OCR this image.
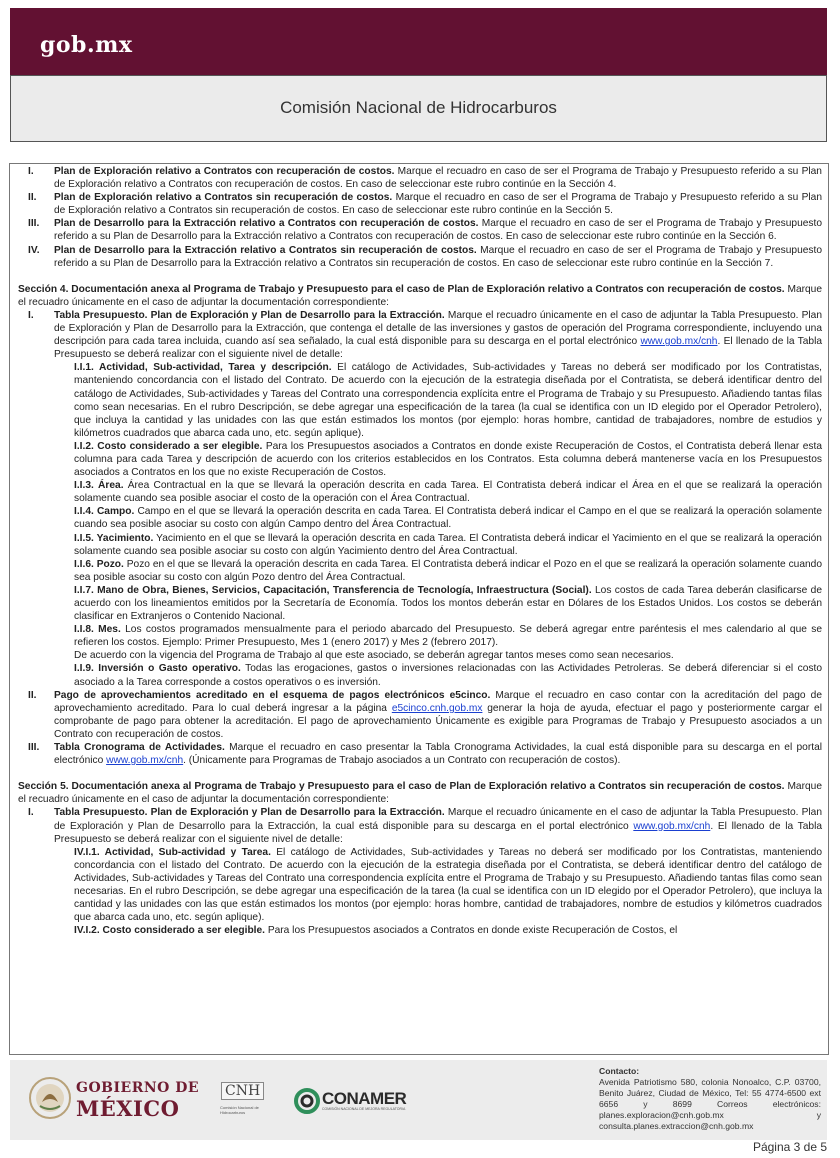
gob.mx
Comisión Nacional de Hidrocarburos
I.	Plan de Exploración relativo a Contratos con recuperación de costos. Marque el recuadro en caso de ser el Programa de Trabajo y Presupuesto referido a su Plan de Exploración relativo a Contratos con recuperación de costos. En caso de seleccionar este rubro continúe en la Sección 4.
II.	Plan de Exploración relativo a Contratos sin recuperación de costos. Marque el recuadro en caso de ser el Programa de Trabajo y Presupuesto referido a su Plan de Exploración relativo a Contratos sin recuperación de costos. En caso de seleccionar este rubro continúe en la Sección 5.
III.	Plan de Desarrollo para la Extracción relativo a Contratos con recuperación de costos. Marque el recuadro en caso de ser el Programa de Trabajo y Presupuesto referido a su Plan de Desarrollo para la Extracción relativo a Contratos con recuperación de costos. En caso de seleccionar este rubro continúe en la Sección 6.
IV.	Plan de Desarrollo para la Extracción relativo a Contratos sin recuperación de costos. Marque el recuadro en caso de ser el Programa de Trabajo y Presupuesto referido a su Plan de Desarrollo para la Extracción relativo a Contratos sin recuperación de costos. En caso de seleccionar este rubro continúe en la Sección 7.
Sección 4. Documentación anexa al Programa de Trabajo y Presupuesto para el caso de Plan de Exploración relativo a Contratos con recuperación de costos. Marque el recuadro únicamente en el caso de adjuntar la documentación correspondiente:
I.	Tabla Presupuesto. Plan de Exploración y Plan de Desarrollo para la Extracción. Marque el recuadro únicamente en el caso de adjuntar la Tabla Presupuesto. Plan de Exploración y Plan de Desarrollo para la Extracción, que contenga el detalle de las inversiones y gastos de operación del Programa correspondiente, incluyendo una descripción para cada tarea incluida, cuando así sea señalado, la cual está disponible para su descarga en el portal electrónico www.gob.mx/cnh. El llenado de la Tabla Presupuesto se deberá realizar con el siguiente nivel de detalle:
I.I.1. Actividad, Sub-actividad, Tarea y descripción. El catálogo de Actividades, Sub-actividades y Tareas no deberá ser modificado por los Contratistas, manteniendo concordancia con el listado del Contrato. De acuerdo con la ejecución de la estrategia diseñada por el Contratista, se deberá identificar dentro del catálogo de Actividades, Sub-actividades y Tareas del Contrato una correspondencia explícita entre el Programa de Trabajo y su Presupuesto. Añadiendo tantas filas como sean necesarias. En el rubro Descripción, se debe agregar una especificación de la tarea (la cual se identifica con un ID elegido por el Operador Petrolero), que incluya la cantidad y las unidades con las que están estimados los montos (por ejemplo: horas hombre, cantidad de trabajadores, nombre de estudios y kilómetros cuadrados que abarca cada uno, etc. según aplique).
I.I.2. Costo considerado a ser elegible. Para los Presupuestos asociados a Contratos en donde existe Recuperación de Costos, el Contratista deberá llenar esta columna para cada Tarea y descripción de acuerdo con los criterios establecidos en los Contratos. Esta columna deberá mantenerse vacía en los Presupuestos asociados a Contratos en los que no existe Recuperación de Costos.
I.I.3. Área. Área Contractual en la que se llevará la operación descrita en cada Tarea. El Contratista deberá indicar el Área en el que se realizará la operación solamente cuando sea posible asociar el costo de la operación con el Área Contractual.
I.I.4. Campo. Campo en el que se llevará la operación descrita en cada Tarea. El Contratista deberá indicar el Campo en el que se realizará la operación solamente cuando sea posible asociar su costo con algún Campo dentro del Área Contractual.
I.I.5. Yacimiento. Yacimiento en el que se llevará la operación descrita en cada Tarea. El Contratista deberá indicar el Yacimiento en el que se realizará la operación solamente cuando sea posible asociar su costo con algún Yacimiento dentro del Área Contractual.
I.I.6. Pozo. Pozo en el que se llevará la operación descrita en cada Tarea. El Contratista deberá indicar el Pozo en el que se realizará la operación solamente cuando sea posible asociar su costo con algún Pozo dentro del Área Contractual.
I.I.7. Mano de Obra, Bienes, Servicios, Capacitación, Transferencia de Tecnología, Infraestructura (Social). Los costos de cada Tarea deberán clasificarse de acuerdo con los lineamientos emitidos por la Secretaría de Economía. Todos los montos deberán estar en Dólares de los Estados Unidos. Los costos se deberán clasificar en Extranjeros o Contenido Nacional.
I.I.8. Mes. Los costos programados mensualmente para el periodo abarcado del Presupuesto. Se deberá agregar entre paréntesis el mes calendario al que se refieren los costos. Ejemplo: Primer Presupuesto, Mes 1 (enero 2017) y Mes 2 (febrero 2017).
De acuerdo con la vigencia del Programa de Trabajo al que este asociado, se deberán agregar tantos meses como sean necesarios.
I.I.9. Inversión o Gasto operativo. Todas las erogaciones, gastos o inversiones relacionadas con las Actividades Petroleras. Se deberá diferenciar si el costo asociado a la Tarea corresponde a costos operativos o es inversión.
II.	Pago de aprovechamientos acreditado en el esquema de pagos electrónicos e5cinco. Marque el recuadro en caso contar con la acreditación del pago de aprovechamiento acreditado. Para lo cual deberá ingresar a la página e5cinco.cnh.gob.mx generar la hoja de ayuda, efectuar el pago y posteriormente cargar el comprobante de pago para obtener la acreditación. El pago de aprovechamiento Únicamente es exigible para Programas de Trabajo y Presupuesto asociados a un Contrato con recuperación de costos.
III.	Tabla Cronograma de Actividades. Marque el recuadro en caso presentar la Tabla Cronograma Actividades, la cual está disponible para su descarga en el portal electrónico www.gob.mx/cnh. (Únicamente para Programas de Trabajo asociados a un Contrato con recuperación de costos).
Sección 5. Documentación anexa al Programa de Trabajo y Presupuesto para el caso de Plan de Exploración relativo a Contratos sin recuperación de costos. Marque el recuadro únicamente en el caso de adjuntar la documentación correspondiente:
I.	Tabla Presupuesto. Plan de Exploración y Plan de Desarrollo para la Extracción. Marque el recuadro únicamente en el caso de adjuntar la Tabla Presupuesto. Plan de Exploración y Plan de Desarrollo para la Extracción, la cual está disponible para su descarga en el portal electrónico www.gob.mx/cnh. El llenado de la Tabla Presupuesto se deberá realizar con el siguiente nivel de detalle:
IV.I.1. Actividad, Sub-actividad y Tarea. El catálogo de Actividades, Sub-actividades y Tareas no deberá ser modificado por los Contratistas, manteniendo concordancia con el listado del Contrato. De acuerdo con la ejecución de la estrategia diseñada por el Contratista, se deberá identificar dentro del catálogo de Actividades, Sub-actividades y Tareas del Contrato una correspondencia explícita entre el Programa de Trabajo y su Presupuesto. Añadiendo tantas filas como sean necesarias. En el rubro Descripción, se debe agregar una especificación de la tarea (la cual se identifica con un ID elegido por el Operador Petrolero), que incluya la cantidad y las unidades con las que están estimados los montos (por ejemplo: horas hombre, cantidad de trabajadores, nombre de estudios y kilómetros cuadrados que abarca cada uno, etc. según aplique).
IV.I.2. Costo considerado a ser elegible. Para los Presupuestos asociados a Contratos en donde existe Recuperación de Costos, el
GOBIERNO DE
MÉXICO
CNH
Comisión Nacional de Hidrocarburos
CONAMER
COMISIÓN NACIONAL DE MEJORA REGULATORIA
Contacto:
Avenida Patriotismo 580, colonia Nonoalco, C.P. 03700, Benito Juárez, Ciudad de México, Tel: 55 4774-6500 ext 6656 y 8699 Correos electrónicos: planes.exploracion@cnh.gob.mx y consulta.planes.extraccion@cnh.gob.mx
Página 3 de 5
